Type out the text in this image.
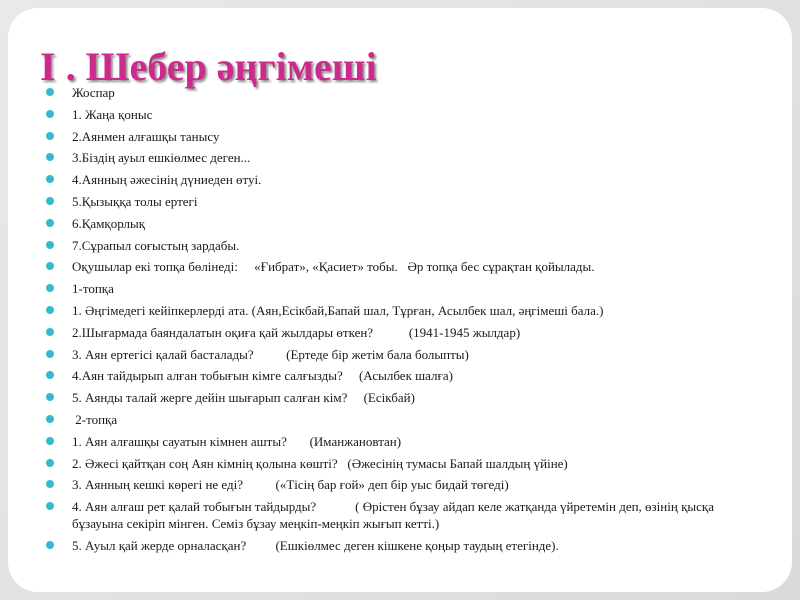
І . Шебер әңгімеші
Жоспар
1. Жаңа қоныс
2.Аянмен алғашқы танысу
3.Біздің ауыл ешкіөлмес деген...
4.Аянның әжесінің дүниеден өтуі.
5.Қызыққа толы ертегі
6.Қамқорлық
7.Сұрапыл соғыстың зардабы.
Оқушылар екі топқа бөлінеді:     «Ғибрат», «Қасиет» тобы.   Әр топқа бес сұрақтан қойылады.
1-топқа
1. Әңгімедегі кейіпкерлерді ата. (Аян,Есікбай,Бапай шал, Тұрған, Асылбек шал, әңгімеші бала.)
2.Шығармада баяндалатын оқиға қай жылдары өткен?           (1941-1945 жылдар)
3. Аян ертегісі қалай басталады?          (Ертеде бір жетім бала болыпты)
4.Аян тайдырып алған тобығын кімге салғызды?     (Асылбек шалға)
5. Аянды талай жерге дейін шығарып салған кім?     (Есікбай)
2-топқа
1. Аян алғашқы сауатын кімнен ашты?       (Иманжановтан)
2. Әжесі қайтқан соң Аян кімнің қолына көшті?   (Әжесінің тумасы Бапай шалдың үйіне)
3. Аянның кешкі көрегі не еді?          («Тісің бар ғой» деп бір уыс бидай төгеді)
4. Аян алғаш рет қалай тобығын тайдырды?            ( Өрістен бұзау айдап келе жатқанда үйретемін деп, өзінің қысқа бұзауына секіріп мінген. Семіз бұзау меңкіп-меңкіп жығып кетті.)
5. Ауыл қай жерде орналасқан?         (Ешкіөлмес деген кішкене қоңыр таудың етегінде).
